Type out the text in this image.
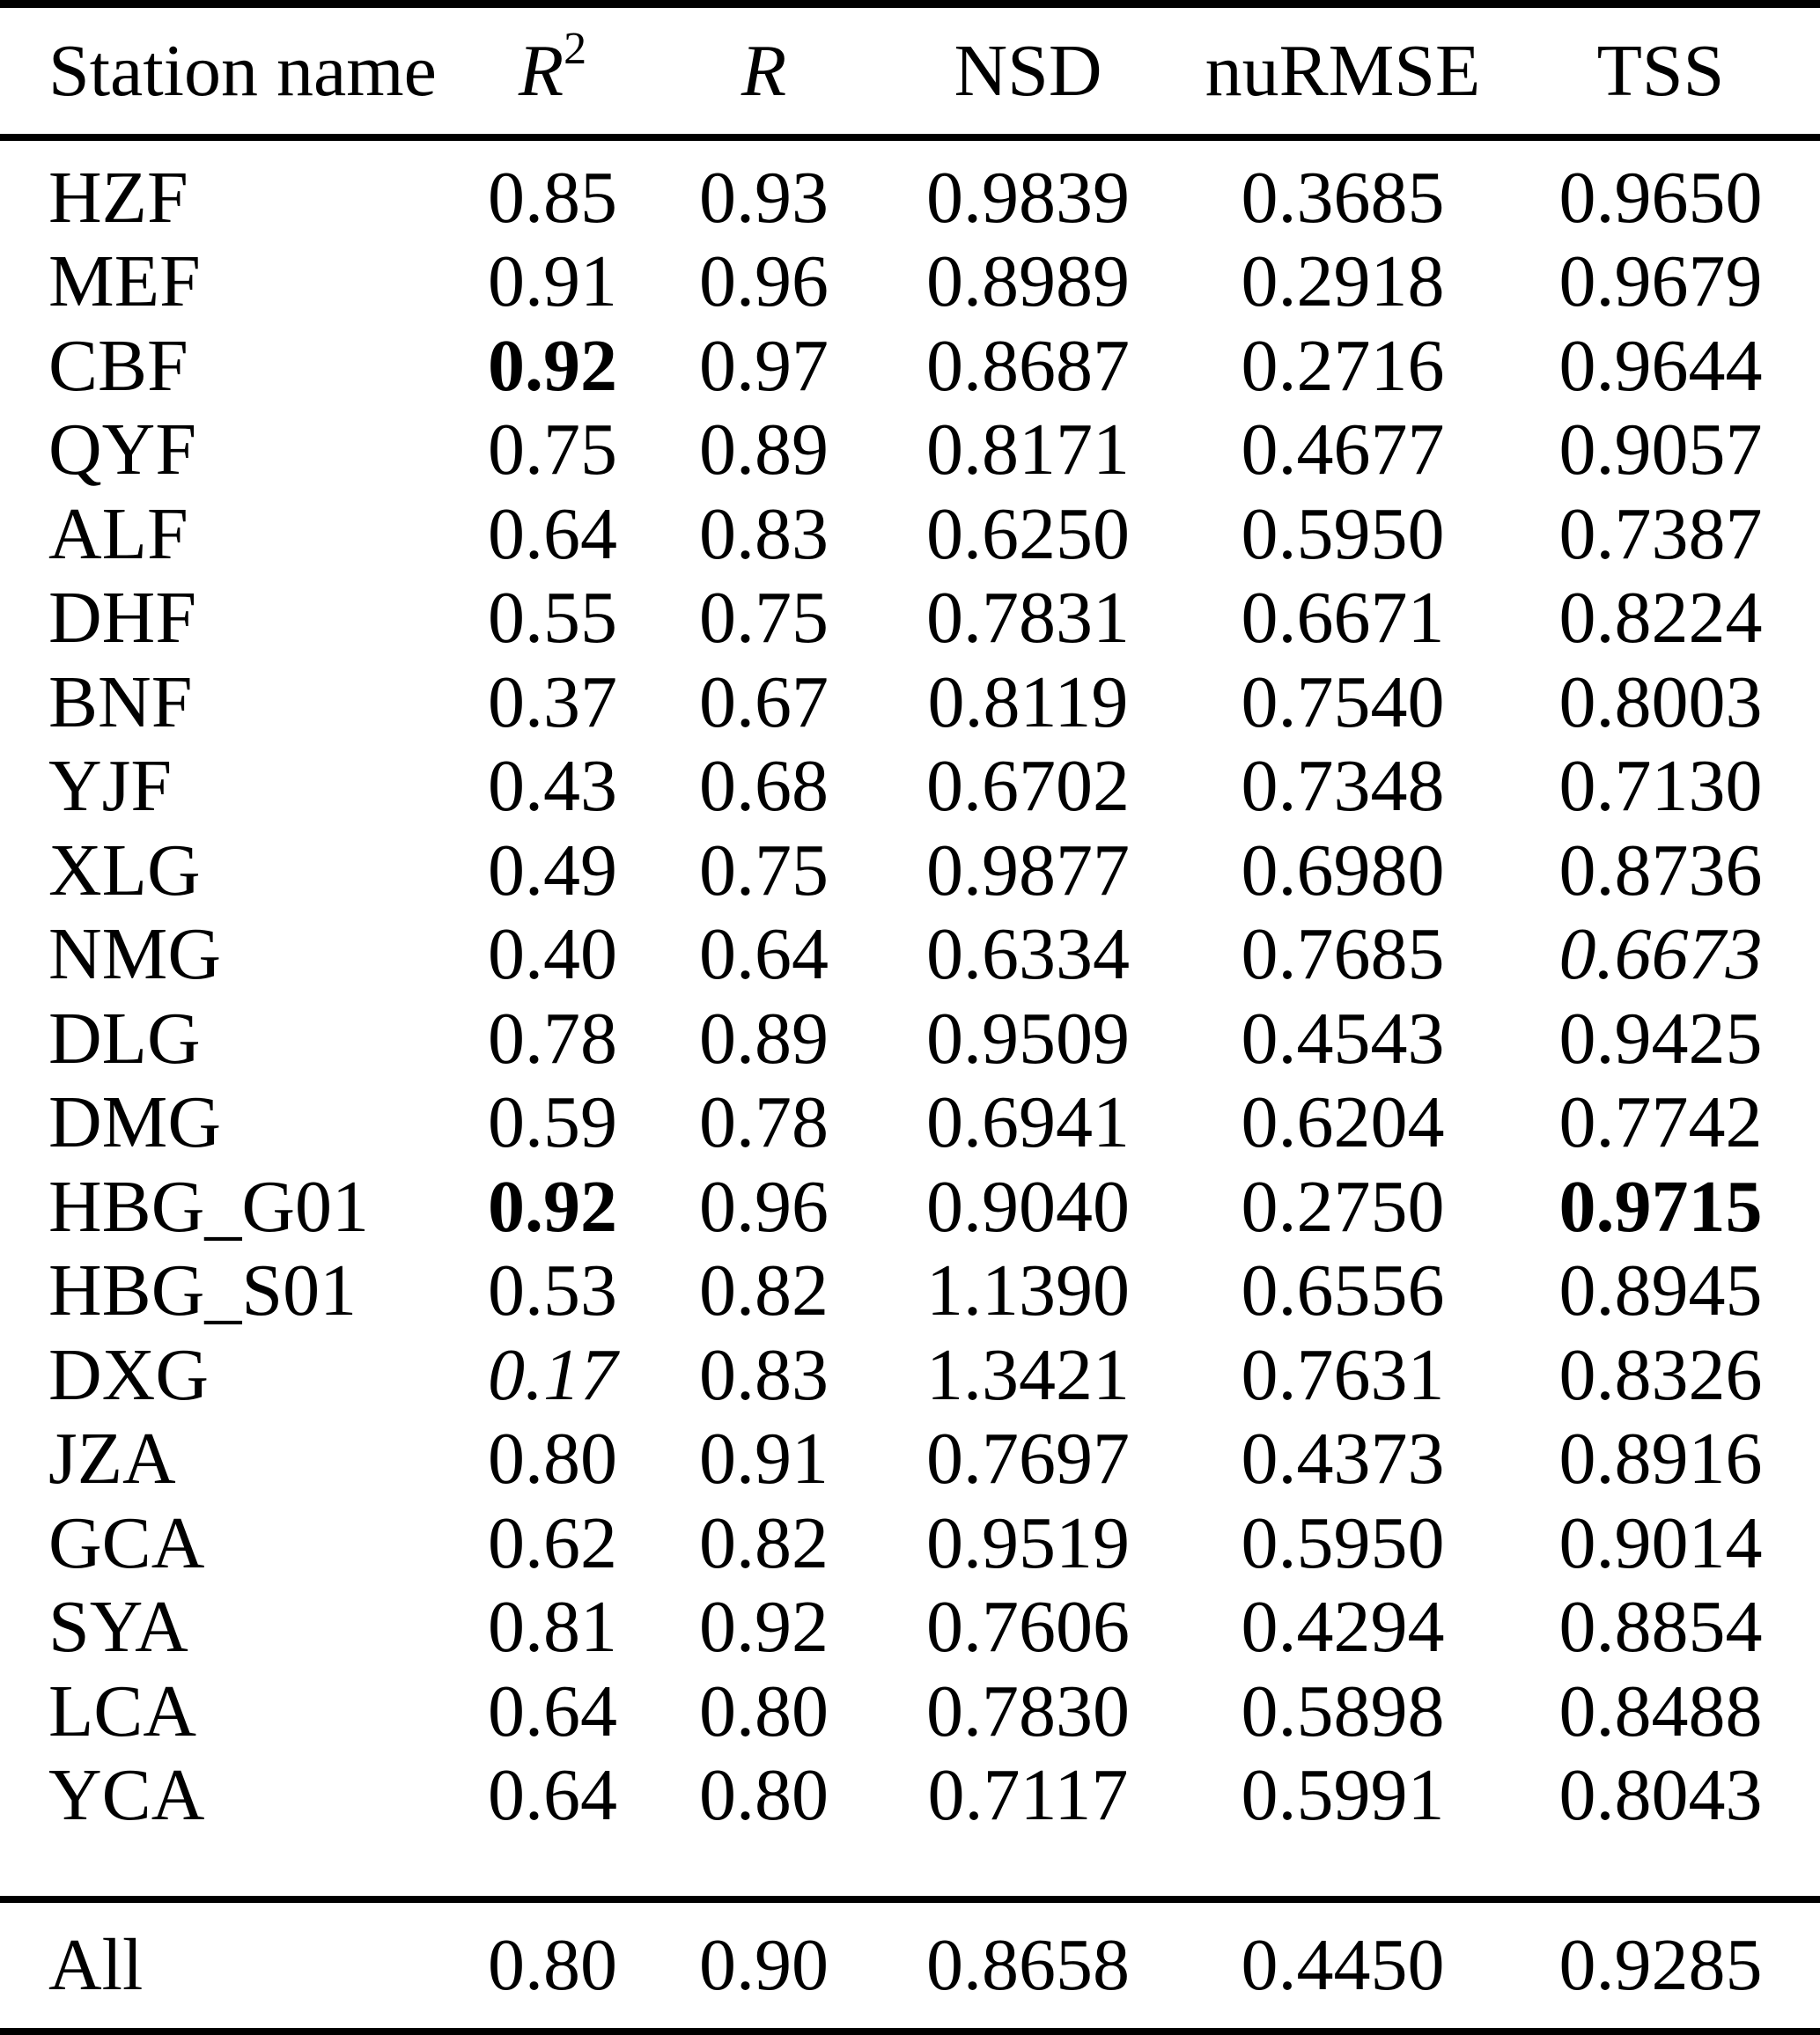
Station name	$R^2$	R	NSD	nuRMSE	TSS
HZF	0.85	0.93	0.9839	0.3685	0.9650
MEF	0.91	0.96	0.8989	0.2918	0.9679
CBF	0.92	0.97	0.8687	0.2716	0.9644
QYF	0.75	0.89	0.8171	0.4677	0.9057
ALF	0.64	0.83	0.6250	0.5950	0.7387
DHF	0.55	0.75	0.7831	0.6671	0.8224
BNF	0.37	0.67	0.8119	0.7540	0.8003
YJF	0.43	0.68	0.6702	0.7348	0.7130
XLG	0.49	0.75	0.9877	0.6980	0.8736
NMG	0.40	0.64	0.6334	0.7685	0.6673
DLG	0.78	0.89	0.9509	0.4543	0.9425
DMG	0.59	0.78	0.6941	0.6204	0.7742
HBG_G01	0.92	0.96	0.9040	0.2750	0.9715
HBG_S01	0.53	0.82	1.1390	0.6556	0.8945
DXG	0.17	0.83	1.3421	0.7631	0.8326
JZA	0.80	0.91	0.7697	0.4373	0.8916
GCA	0.62	0.82	0.9519	0.5950	0.9014
SYA	0.81	0.92	0.7606	0.4294	0.8854
LCA	0.64	0.80	0.7830	0.5898	0.8488
YCA	0.64	0.80	0.7117	0.5991	0.8043
All	0.80	0.90	0.8658	0.4450	0.9285
